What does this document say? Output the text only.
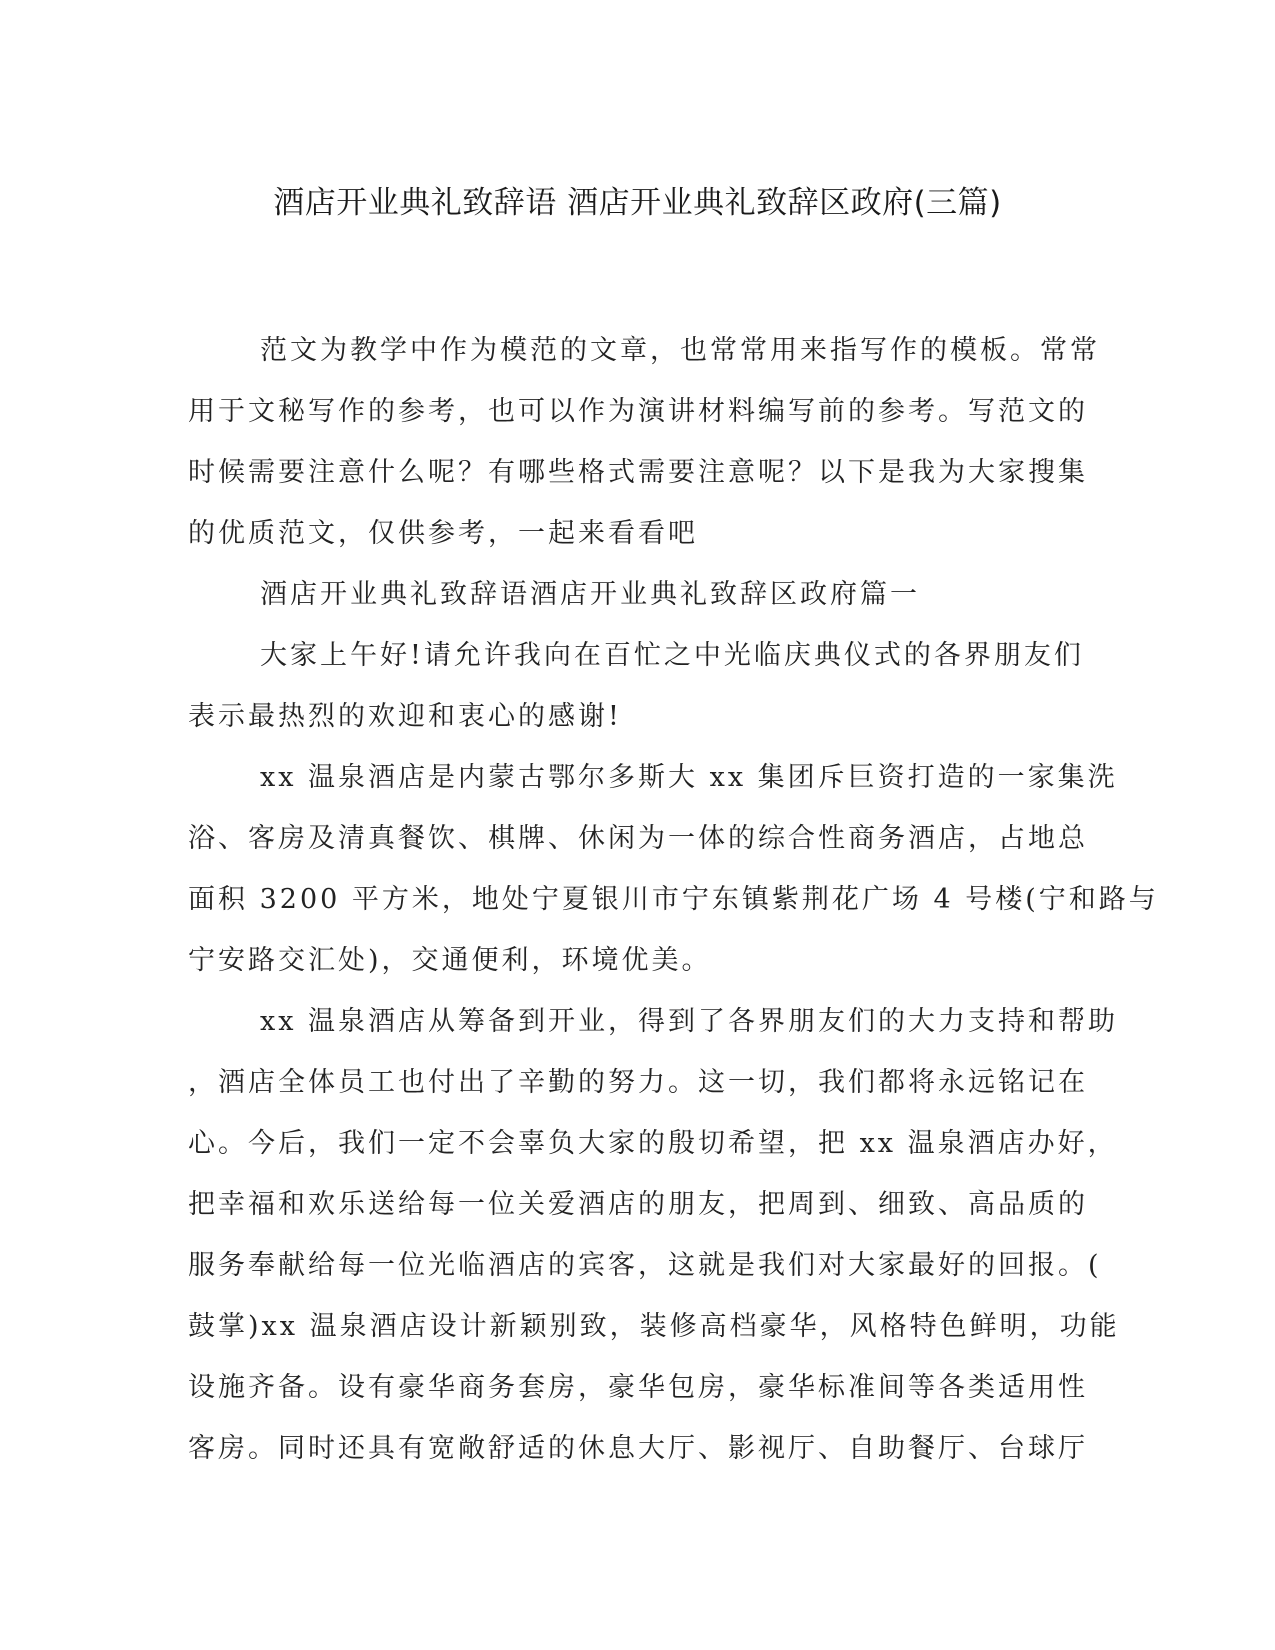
酒店开业典礼致辞语 酒店开业典礼致辞区政府(三篇)
范文为教学中作为模范的文章，也常常用来指写作的模板。常常
用于文秘写作的参考，也可以作为演讲材料编写前的参考。写范文的
时候需要注意什么呢？有哪些格式需要注意呢？以下是我为大家搜集
的优质范文，仅供参考，一起来看看吧
酒店开业典礼致辞语酒店开业典礼致辞区政府篇一
大家上午好!请允许我向在百忙之中光临庆典仪式的各界朋友们
表示最热烈的欢迎和衷心的感谢!
xx 温泉酒店是内蒙古鄂尔多斯大 xx 集团斥巨资打造的一家集洗
浴、客房及清真餐饮、棋牌、休闲为一体的综合性商务酒店，占地总
面积 3200 平方米，地处宁夏银川市宁东镇紫荆花广场 4 号楼(宁和路与
宁安路交汇处)，交通便利，环境优美。
xx 温泉酒店从筹备到开业，得到了各界朋友们的大力支持和帮助
，酒店全体员工也付出了辛勤的努力。这一切，我们都将永远铭记在
心。今后，我们一定不会辜负大家的殷切希望，把 xx 温泉酒店办好，
把幸福和欢乐送给每一位关爱酒店的朋友，把周到、细致、高品质的
服务奉献给每一位光临酒店的宾客，这就是我们对大家最好的回报。(
鼓掌)xx 温泉酒店设计新颖别致，装修高档豪华，风格特色鲜明，功能
设施齐备。设有豪华商务套房，豪华包房，豪华标准间等各类适用性
客房。同时还具有宽敞舒适的休息大厅、影视厅、自助餐厅、台球厅
